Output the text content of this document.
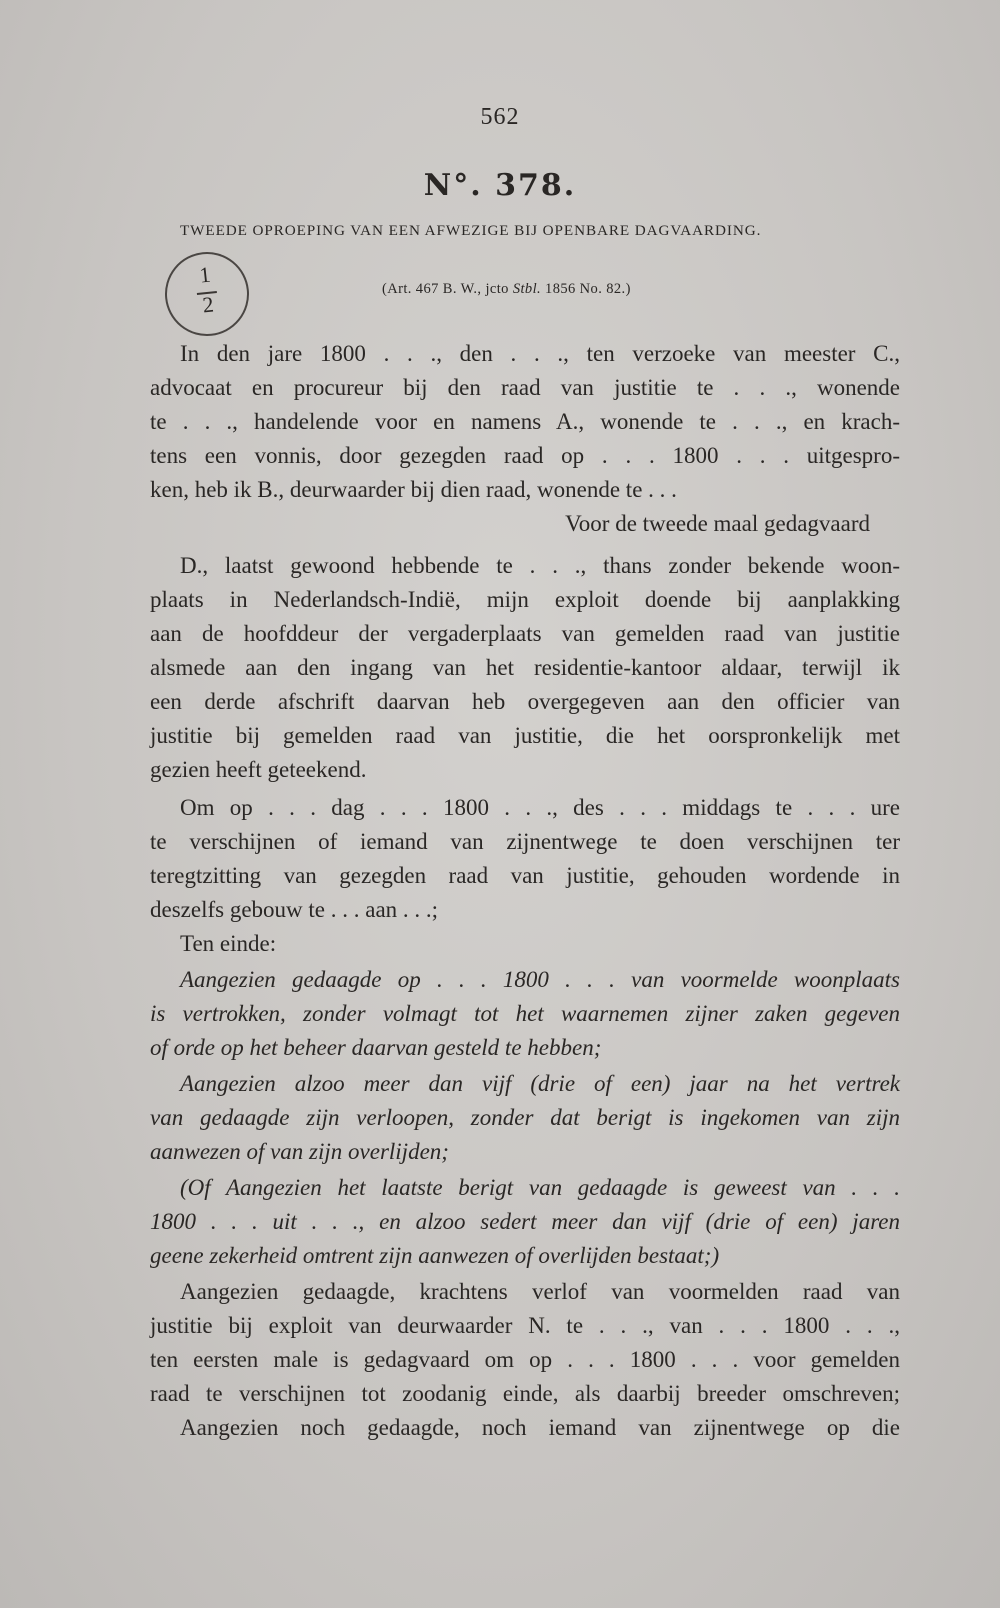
562
N°. 378.
TWEEDE OPROEPING VAN EEN AFWEZIGE BIJ OPENBARE DAGVAARDING.
1
2
(Art. 467 B. W., jcto Stbl. 1856 No. 82.)
In den jare 1800 . . ., den . . ., ten verzoeke van meester C.,
advocaat en procureur bij den raad van justitie te . . ., wonende
te . . ., handelende voor en namens A., wonende te . . ., en krach-
tens een vonnis, door gezegden raad op . . . 1800 . . . uitgespro-
ken, heb ik B., deurwaarder bij dien raad, wonende te . . .
Voor de tweede maal gedagvaard
D., laatst gewoond hebbende te . . ., thans zonder bekende woon-
plaats in Nederlandsch-Indië, mijn exploit doende bij aanplakking
aan de hoofddeur der vergaderplaats van gemelden raad van justitie
alsmede aan den ingang van het residentie-kantoor aldaar, terwijl ik
een derde afschrift daarvan heb overgegeven aan den officier van
justitie bij gemelden raad van justitie, die het oorspronkelijk met
gezien heeft geteekend.
Om op . . . dag . . . 1800 . . ., des . . . middags te . . . ure
te verschijnen of iemand van zijnentwege te doen verschijnen ter
teregtzitting van gezegden raad van justitie, gehouden wordende in
deszelfs gebouw te . . . aan . . .;
Ten einde:
Aangezien gedaagde op . . . 1800 . . . van voormelde woonplaats
is vertrokken, zonder volmagt tot het waarnemen zijner zaken gegeven
of orde op het beheer daarvan gesteld te hebben;
Aangezien alzoo meer dan vijf (drie of een) jaar na het vertrek
van gedaagde zijn verloopen, zonder dat berigt is ingekomen van zijn
aanwezen of van zijn overlijden;
(Of Aangezien het laatste berigt van gedaagde is geweest van . . .
1800 . . . uit . . ., en alzoo sedert meer dan vijf (drie of een) jaren
geene zekerheid omtrent zijn aanwezen of overlijden bestaat;)
Aangezien gedaagde, krachtens verlof van voormelden raad van
justitie bij exploit van deurwaarder N. te . . ., van . . . 1800 . . .,
ten eersten male is gedagvaard om op . . . 1800 . . . voor gemelden
raad te verschijnen tot zoodanig einde, als daarbij breeder omschreven;
Aangezien noch gedaagde, noch iemand van zijnentwege op die
